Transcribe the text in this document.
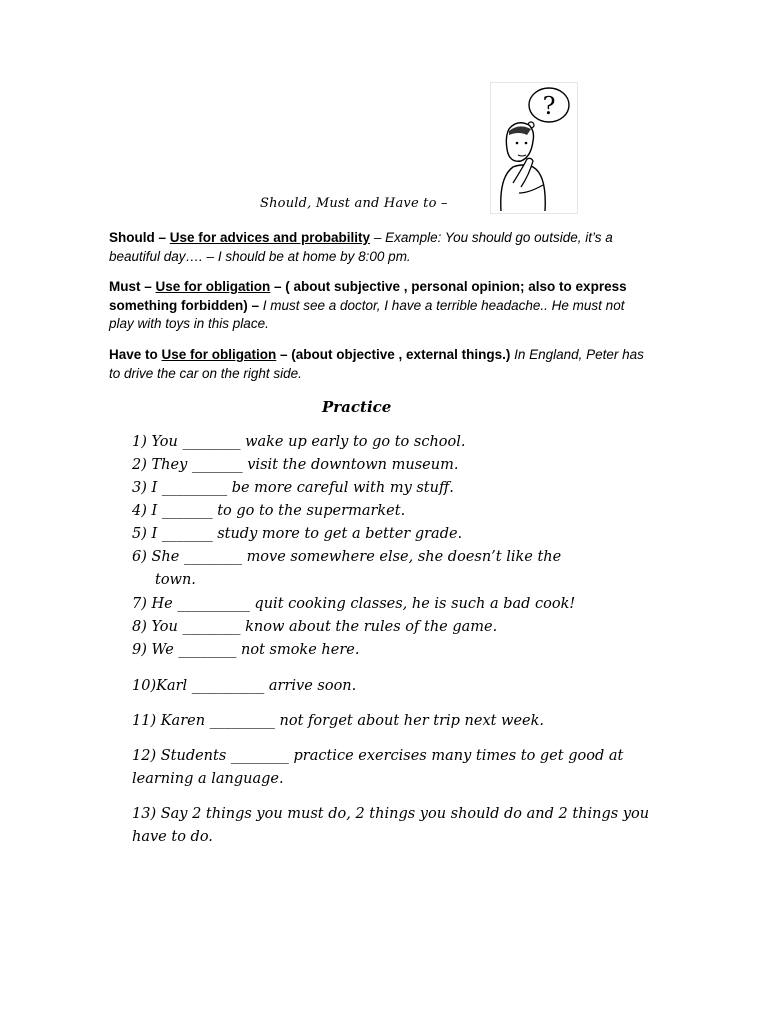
?
Should, Must and Have to –
Should – Use for advices and probability – Example: You should go outside, it’s a beautiful day…. – I should be at home by 8:00 pm.
Must – Use for obligation – ( about subjective , personal opinion; also to express something forbidden) – I must see a doctor, I have a terrible headache.. He must not play with toys in this place.
Have to Use for obligation – (about objective , external things.) In England, Peter has to drive the car on the right side.
Practice
1) You ________ wake up early to go to school.
2) They _______ visit the downtown museum.
3) I _________ be more careful with my stuff.
4) I _______ to go to the supermarket.
5) I _______ study more to get a better grade.
6) She ________ move somewhere else, she doesn’t like the
town.
7) He __________ quit cooking classes, he is such a bad cook!
8) You ________ know about the rules of the game.
9) We ________ not smoke here.
10)Karl __________ arrive soon.
11) Karen _________ not forget about her trip next week.
12) Students ________ practice exercises many times to get good at learning a language.
13) Say 2 things you must do, 2 things you should do and 2 things you have to do.
